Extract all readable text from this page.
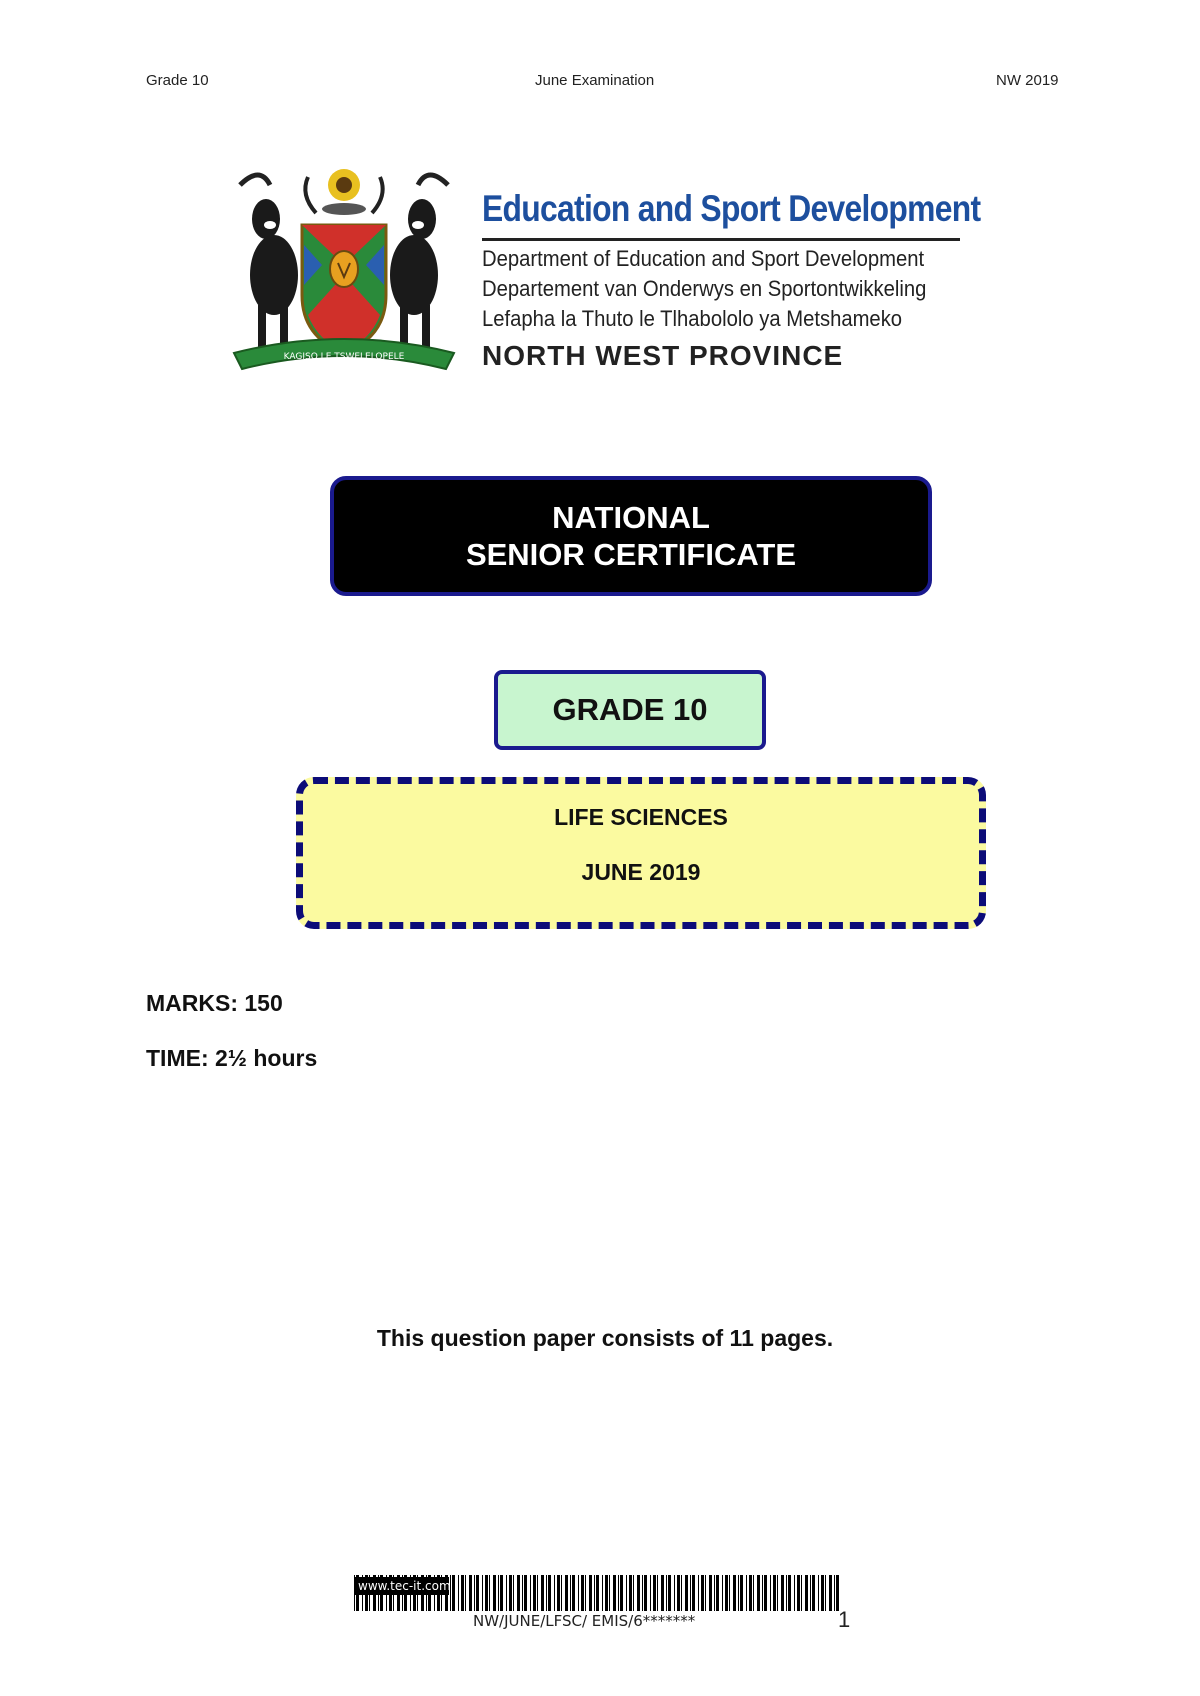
Grade 10	June Examination	NW 2019
KAGISO LE TSWELELOPELE
Education and Sport Development
Department of Education and Sport Development
Departement van Onderwys en Sportontwikkeling
Lefapha la Thuto le Tlhabololo ya Metshameko
NORTH WEST PROVINCE
NATIONAL
SENIOR CERTIFICATE
GRADE 10
LIFE SCIENCES
JUNE 2019
MARKS: 150
TIME: 2½ hours
This question paper consists of 11 pages.
www.tec-it.com
NW/JUNE/LFSC/ EMIS/6*******	1
